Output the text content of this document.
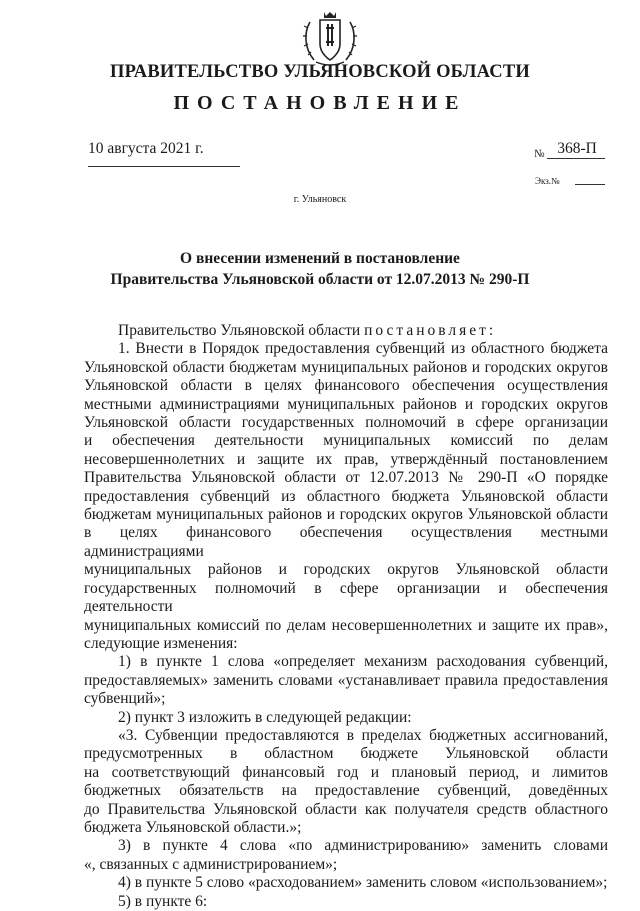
ПРАВИТЕЛЬСТВО УЛЬЯНОВСКОЙ ОБЛАСТИ
ПОСТАНОВЛЕНИЕ
10 августа 2021 г.	№ 368-П
Экз.№
г. Ульяновск
О внесении изменений в постановление
Правительства Ульяновской области от 12.07.2013 № 290-П
Правительство Ульяновской области постановляет:
1. Внести в Порядок предоставления субвенций из областного бюджета
Ульяновской области бюджетам муниципальных районов и городских округов
Ульяновской области в целях финансового обеспечения осуществления
местными администрациями муниципальных районов и городских округов
Ульяновской области государственных полномочий в сфере организации
и обеспечения деятельности муниципальных комиссий по делам
несовершеннолетних и защите их прав, утверждённый постановлением
Правительства Ульяновской области от 12.07.2013 № 290-П «О порядке
предоставления субвенций из областного бюджета Ульяновской области
бюджетам муниципальных районов и городских округов Ульяновской области
в целях финансового обеспечения осуществления местными администрациями
муниципальных районов и городских округов Ульяновской области
государственных полномочий в сфере организации и обеспечения деятельности
муниципальных комиссий по делам несовершеннолетних и защите их прав»,
следующие изменения:
1) в пункте 1 слова «определяет механизм расходования субвенций,
предоставляемых» заменить словами «устанавливает правила предоставления
субвенций»;
2) пункт 3 изложить в следующей редакции:
«3. Субвенции предоставляются в пределах бюджетных ассигнований,
предусмотренных в областном бюджете Ульяновской области
на соответствующий финансовый год и плановый период, и лимитов
бюджетных обязательств на предоставление субвенций, доведённых
до Правительства Ульяновской области как получателя средств областного
бюджета Ульяновской области.»;
3) в пункте 4 слова «по администрированию» заменить словами
«, связанных с администрированием»;
4) в пункте 5 слово «расходованием» заменить словом «использованием»;
5) в пункте 6:
